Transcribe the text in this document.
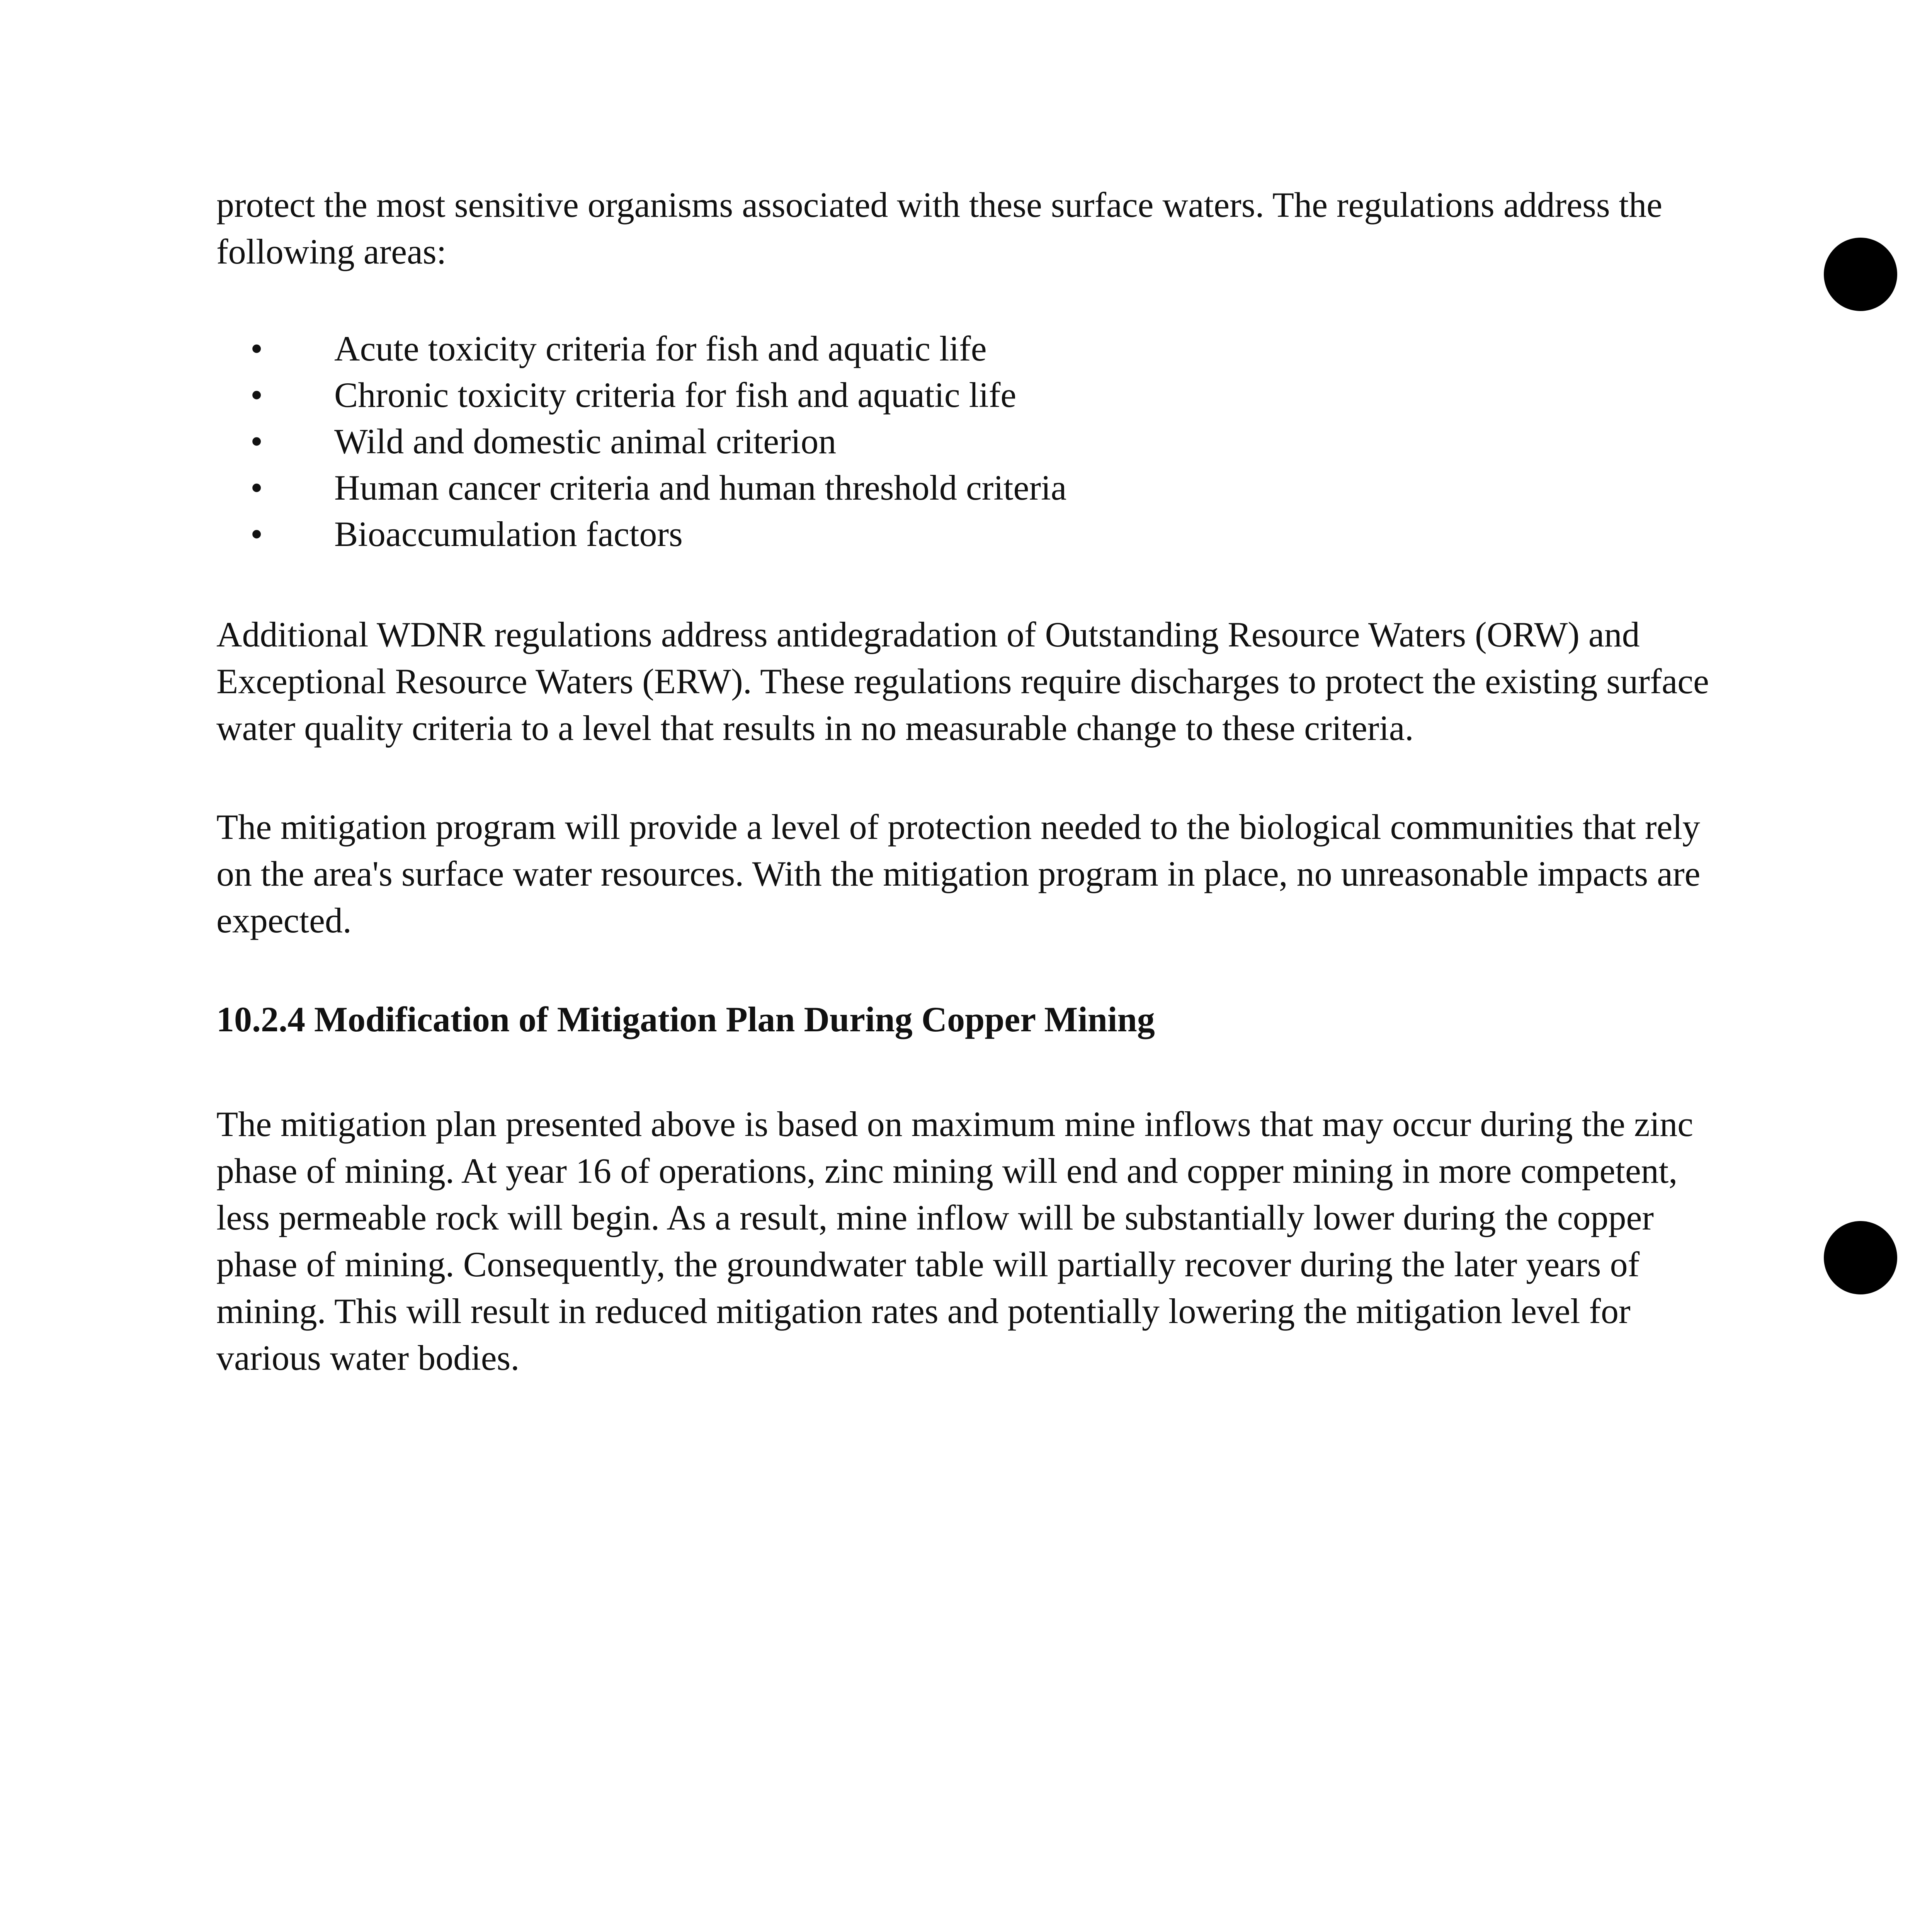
protect the most sensitive organisms associated with these surface waters. The regulations address the following areas:

• Acute toxicity criteria for fish and aquatic life
• Chronic toxicity criteria for fish and aquatic life
• Wild and domestic animal criterion
• Human cancer criteria and human threshold criteria
• Bioaccumulation factors

Additional WDNR regulations address antidegradation of Outstanding Resource Waters (ORW) and Exceptional Resource Waters (ERW). These regulations require discharges to protect the existing surface water quality criteria to a level that results in no measurable change to these criteria.

The mitigation program will provide a level of protection needed to the biological communities that rely on the area's surface water resources. With the mitigation program in place, no unreasonable impacts are expected.

10.2.4 Modification of Mitigation Plan During Copper Mining

The mitigation plan presented above is based on maximum mine inflows that may occur during the zinc phase of mining. At year 16 of operations, zinc mining will end and copper mining in more competent, less permeable rock will begin. As a result, mine inflow will be substantially lower during the copper phase of mining. Consequently, the groundwater table will partially recover during the later years of mining. This will result in reduced mitigation rates and potentially lowering the mitigation level for various water bodies.
